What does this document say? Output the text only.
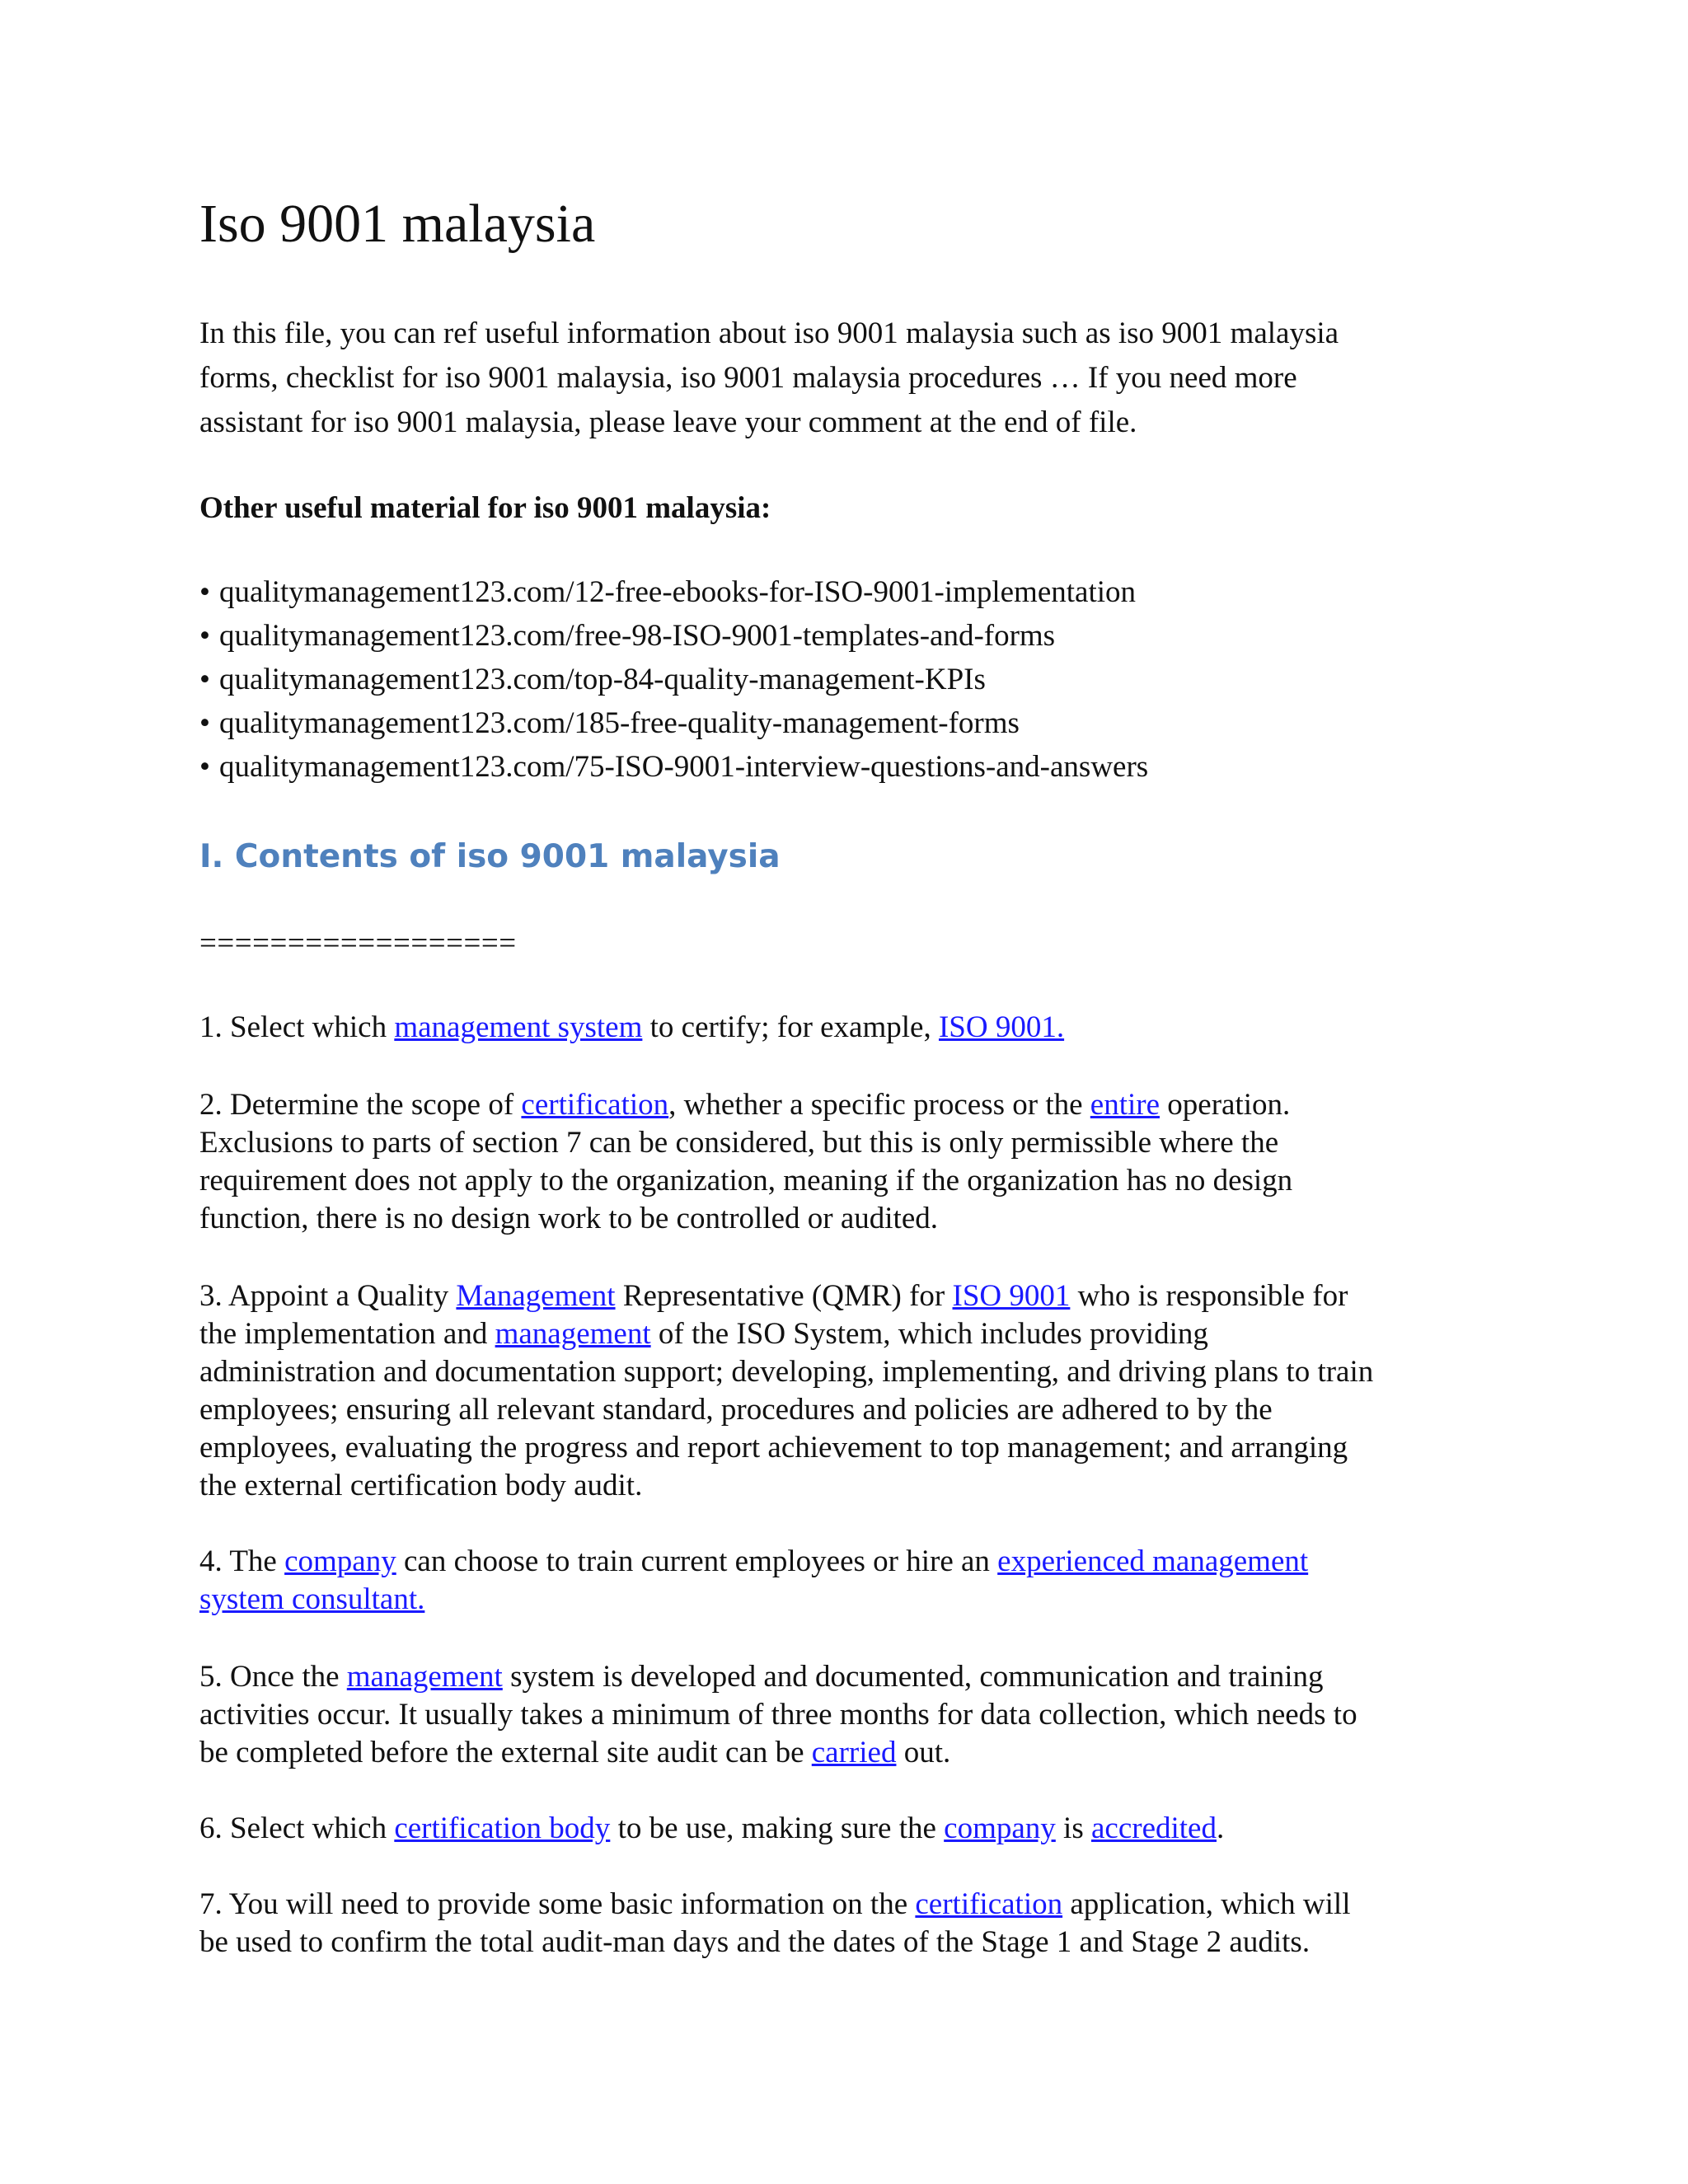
Iso 9001 malaysia
In this file, you can ref useful information about iso 9001 malaysia such as iso 9001 malaysia
forms, checklist for iso 9001 malaysia, iso 9001 malaysia procedures … If you need more
assistant for iso 9001 malaysia, please leave your comment at the end of file.
Other useful material for iso 9001 malaysia:
• qualitymanagement123.com/12-free-ebooks-for-ISO-9001-implementation
• qualitymanagement123.com/free-98-ISO-9001-templates-and-forms
• qualitymanagement123.com/top-84-quality-management-KPIs
• qualitymanagement123.com/185-free-quality-management-forms
• qualitymanagement123.com/75-ISO-9001-interview-questions-and-answers
I. Contents of iso 9001 malaysia
==================
1. Select which management system to certify; for example, ISO 9001.
2. Determine the scope of certification, whether a specific process or the entire operation.
Exclusions to parts of section 7 can be considered, but this is only permissible where the
requirement does not apply to the organization, meaning if the organization has no design
function, there is no design work to be controlled or audited.
3. Appoint a Quality Management Representative (QMR) for ISO 9001 who is responsible for
the implementation and management of the ISO System, which includes providing
administration and documentation support; developing, implementing, and driving plans to train
employees; ensuring all relevant standard, procedures and policies are adhered to by the
employees, evaluating the progress and report achievement to top management; and arranging
the external certification body audit.
4. The company can choose to train current employees or hire an experienced management
system consultant.
5. Once the management system is developed and documented, communication and training
activities occur. It usually takes a minimum of three months for data collection, which needs to
be completed before the external site audit can be carried out.
6. Select which certification body to be use, making sure the company is accredited.
7. You will need to provide some basic information on the certification application, which will
be used to confirm the total audit-man days and the dates of the Stage 1 and Stage 2 audits.
